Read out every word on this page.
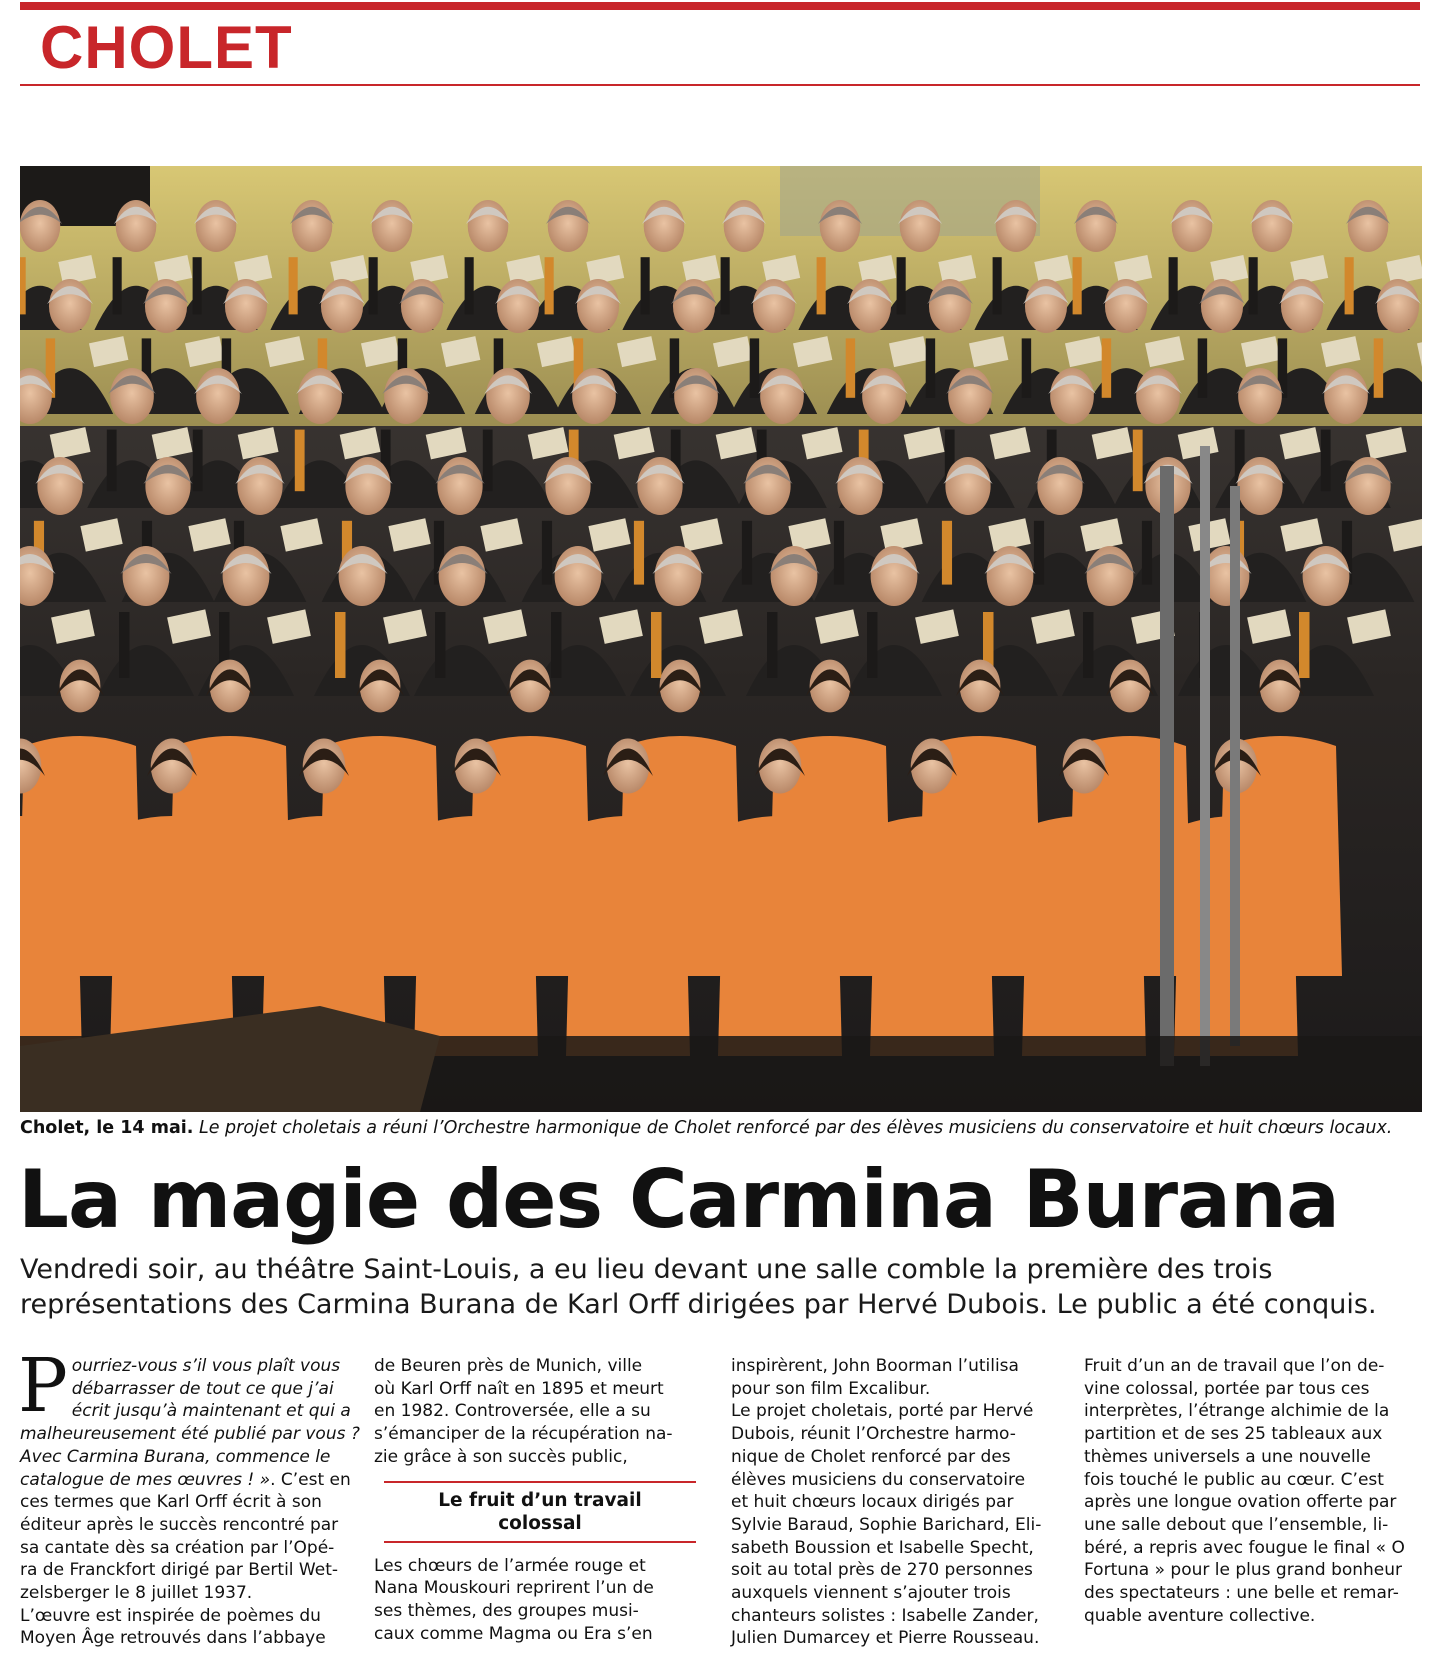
CHOLET
Cholet, le 14 mai. Le projet choletais a réuni l’Orchestre harmonique de Cholet renforcé par des élèves musiciens du conservatoire et huit chœurs locaux.
La magie des Carmina Burana
Vendredi soir, au théâtre Saint-Louis, a eu lieu devant une salle comble la première des trois
représentations des Carmina Burana de Karl Orff dirigées par Hervé Dubois. Le public a été conquis.
P ourriez-vous s’il vous plaît vous
débarrasser de tout ce que j’ai
écrit jusqu’à maintenant et qui a
malheureusement été publié par vous ?
Avec Carmina Burana, commence le
catalogue de mes œuvres ! ». C’est en
ces termes que Karl Orff écrit à son
éditeur après le succès rencontré par
sa cantate dès sa création par l’Opé-
ra de Franckfort dirigé par Bertil Wet-
zelsberger le 8 juillet 1937.
L’œuvre est inspirée de poèmes du
Moyen Âge retrouvés dans l’abbaye
de Beuren près de Munich, ville
où Karl Orff naît en 1895 et meurt
en 1982. Controversée, elle a su
s’émanciper de la récupération na-
zie grâce à son succès public,
Le fruit d’un travail
colossal
Les chœurs de l’armée rouge et
Nana Mouskouri reprirent l’un de
ses thèmes, des groupes musi-
caux comme Magma ou Era s’en
inspirèrent, John Boorman l’utilisa
pour son film Excalibur.
Le projet choletais, porté par Hervé
Dubois, réunit l’Orchestre harmo-
nique de Cholet renforcé par des
élèves musiciens du conservatoire
et huit chœurs locaux dirigés par
Sylvie Baraud, Sophie Barichard, Eli-
sabeth Boussion et Isabelle Specht,
soit au total près de 270 personnes
auxquels viennent s’ajouter trois
chanteurs solistes : Isabelle Zander,
Julien Dumarcey et Pierre Rousseau.
Fruit d’un an de travail que l’on de-
vine colossal, portée par tous ces
interprètes, l’étrange alchimie de la
partition et de ses 25 tableaux aux
thèmes universels a une nouvelle
fois touché le public au cœur. C’est
après une longue ovation offerte par
une salle debout que l’ensemble, li-
béré, a repris avec fougue le final « O
Fortuna » pour le plus grand bonheur
des spectateurs : une belle et remar-
quable aventure collective.
